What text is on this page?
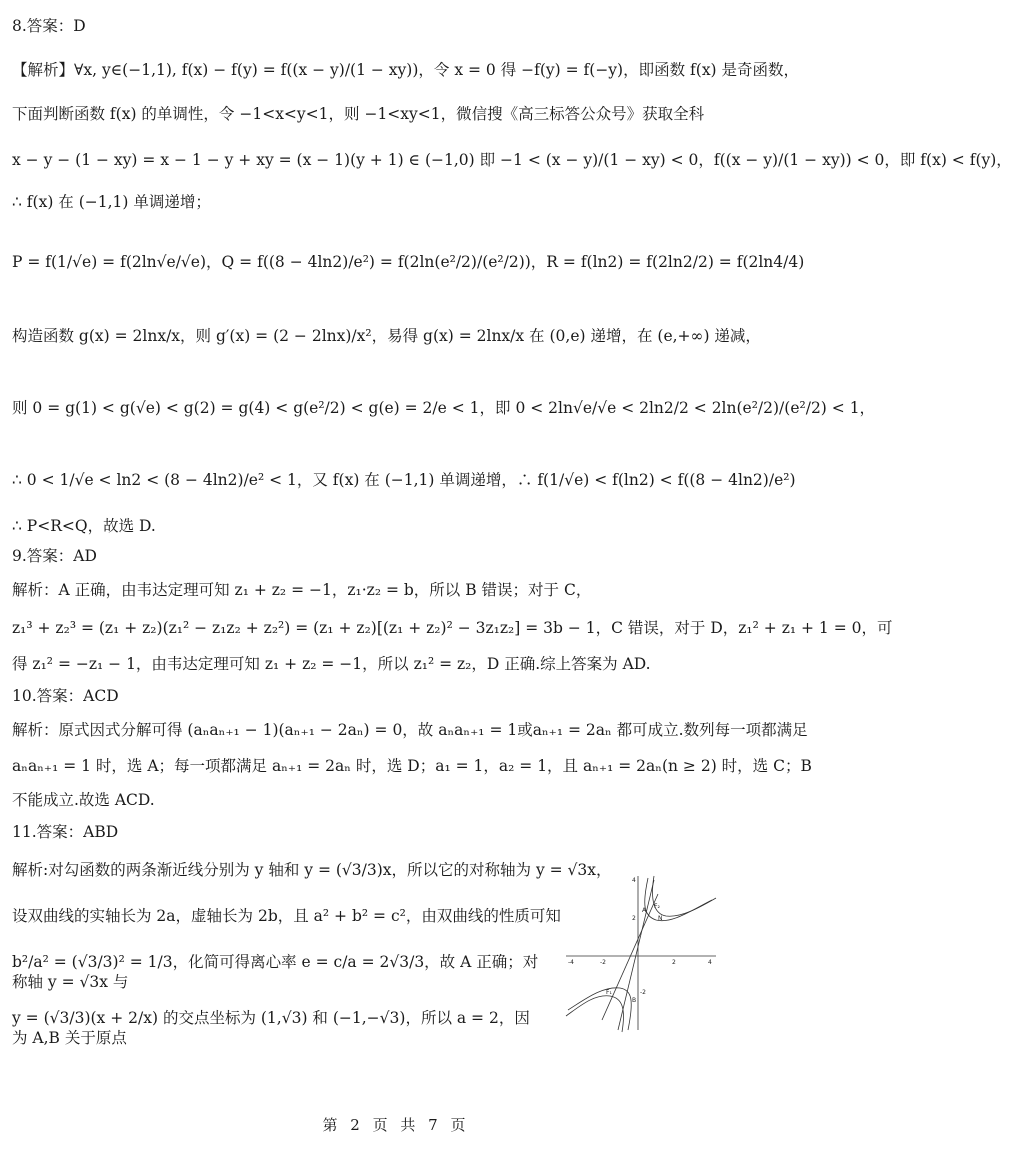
8.答案：D
【解析】∀x, y∈(−1,1), f(x) − f(y) = f((x − y)/(1 − xy))，令 x = 0 得 −f(y) = f(−y)，即函数 f(x) 是奇函数，
下面判断函数 f(x) 的单调性，令 −1<x<y<1，则 −1<xy<1，微信搜《高三标答公众号》获取全科
x − y − (1 − xy) = x − 1 − y + xy = (x − 1)(y + 1) ∈ (−1,0) 即 −1 < (x − y)/(1 − xy) < 0，f((x − y)/(1 − xy)) < 0，即 f(x) < f(y)，
∴ f(x) 在 (−1,1) 单调递增；
P = f(1/√e) = f(2ln√e/√e)，Q = f((8 − 4ln2)/e²) = f(2ln(e²/2)/(e²/2))，R = f(ln2) = f(2ln2/2) = f(2ln4/4)
构造函数 g(x) = 2lnx/x，则 g′(x) = (2 − 2lnx)/x²，易得 g(x) = 2lnx/x 在 (0,e) 递增，在 (e,+∞) 递减，
则 0 = g(1) < g(√e) < g(2) = g(4) < g(e²/2) < g(e) = 2/e < 1，即 0 < 2ln√e/√e < 2ln2/2 < 2ln(e²/2)/(e²/2) < 1，
∴ 0 < 1/√e < ln2 < (8 − 4ln2)/e² < 1，又 f(x) 在 (−1,1) 单调递增，∴ f(1/√e) < f(ln2) < f((8 − 4ln2)/e²)
∴ P<R<Q，故选 D.
9.答案：AD
解析：A 正确，由韦达定理可知 z₁ + z₂ = −1，z₁·z₂ = b，所以 B 错误；对于 C，
z₁³ + z₂³ = (z₁ + z₂)(z₁² − z₁z₂ + z₂²) = (z₁ + z₂)[(z₁ + z₂)² − 3z₁z₂] = 3b − 1，C 错误，对于 D，z₁² + z₁ + 1 = 0，可
得 z₁² = −z₁ − 1，由韦达定理可知 z₁ + z₂ = −1，所以 z₁² = z₂，D 正确.综上答案为 AD.
10.答案：ACD
解析：原式因式分解可得 (aₙaₙ₊₁ − 1)(aₙ₊₁ − 2aₙ) = 0，故 aₙaₙ₊₁ = 1或aₙ₊₁ = 2aₙ 都可成立.数列每一项都满足
aₙaₙ₊₁ = 1 时，选 A；每一项都满足 aₙ₊₁ = 2aₙ 时，选 D；a₁ = 1，a₂ = 1，且 aₙ₊₁ = 2aₙ(n ≥ 2) 时，选 C；B
不能成立.故选 ACD.
11.答案：ABD
解析:对勾函数的两条渐近线分别为 y 轴和 y = (√3/3)x，所以它的对称轴为 y = √3x，
设双曲线的实轴长为 2a，虚轴长为 2b，且 a² + b² = c²，由双曲线的性质可知
b²/a² = (√3/3)² = 1/3，化简可得离心率 e = c/a = 2√3/3，故 A 正确；对称轴 y = √3x 与
y = (√3/3)(x + 2/x) 的交点坐标为 (1,√3) 和 (−1,−√3)，所以 a = 2，因为 A,B 关于原点
A
F₂
N
F₁
B
-4	-2	2	4
2
4
-2
第 2 页 共 7 页
